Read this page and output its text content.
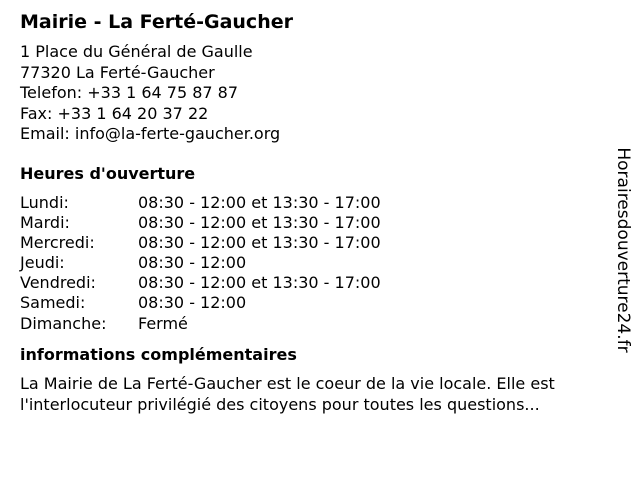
Mairie - La Ferté-Gaucher
1 Place du Général de Gaulle
77320 La Ferté-Gaucher
Telefon: +33 1 64 75 87 87
Fax: +33 1 64 20 37 22
Email: info@la-ferte-gaucher.org
Heures d'ouverture
Lundi:	08:30 - 12:00 et 13:30 - 17:00
Mardi:	08:30 - 12:00 et 13:30 - 17:00
Mercredi:	08:30 - 12:00 et 13:30 - 17:00
Jeudi:	08:30 - 12:00
Vendredi:	08:30 - 12:00 et 13:30 - 17:00
Samedi:	08:30 - 12:00
Dimanche: Fermé
informations complémentaires
La Mairie de La Ferté-Gaucher est le coeur de la vie locale. Elle est l'interlocuteur privilégié des citoyens pour toutes les questions...
Horairesdouverture24.fr
